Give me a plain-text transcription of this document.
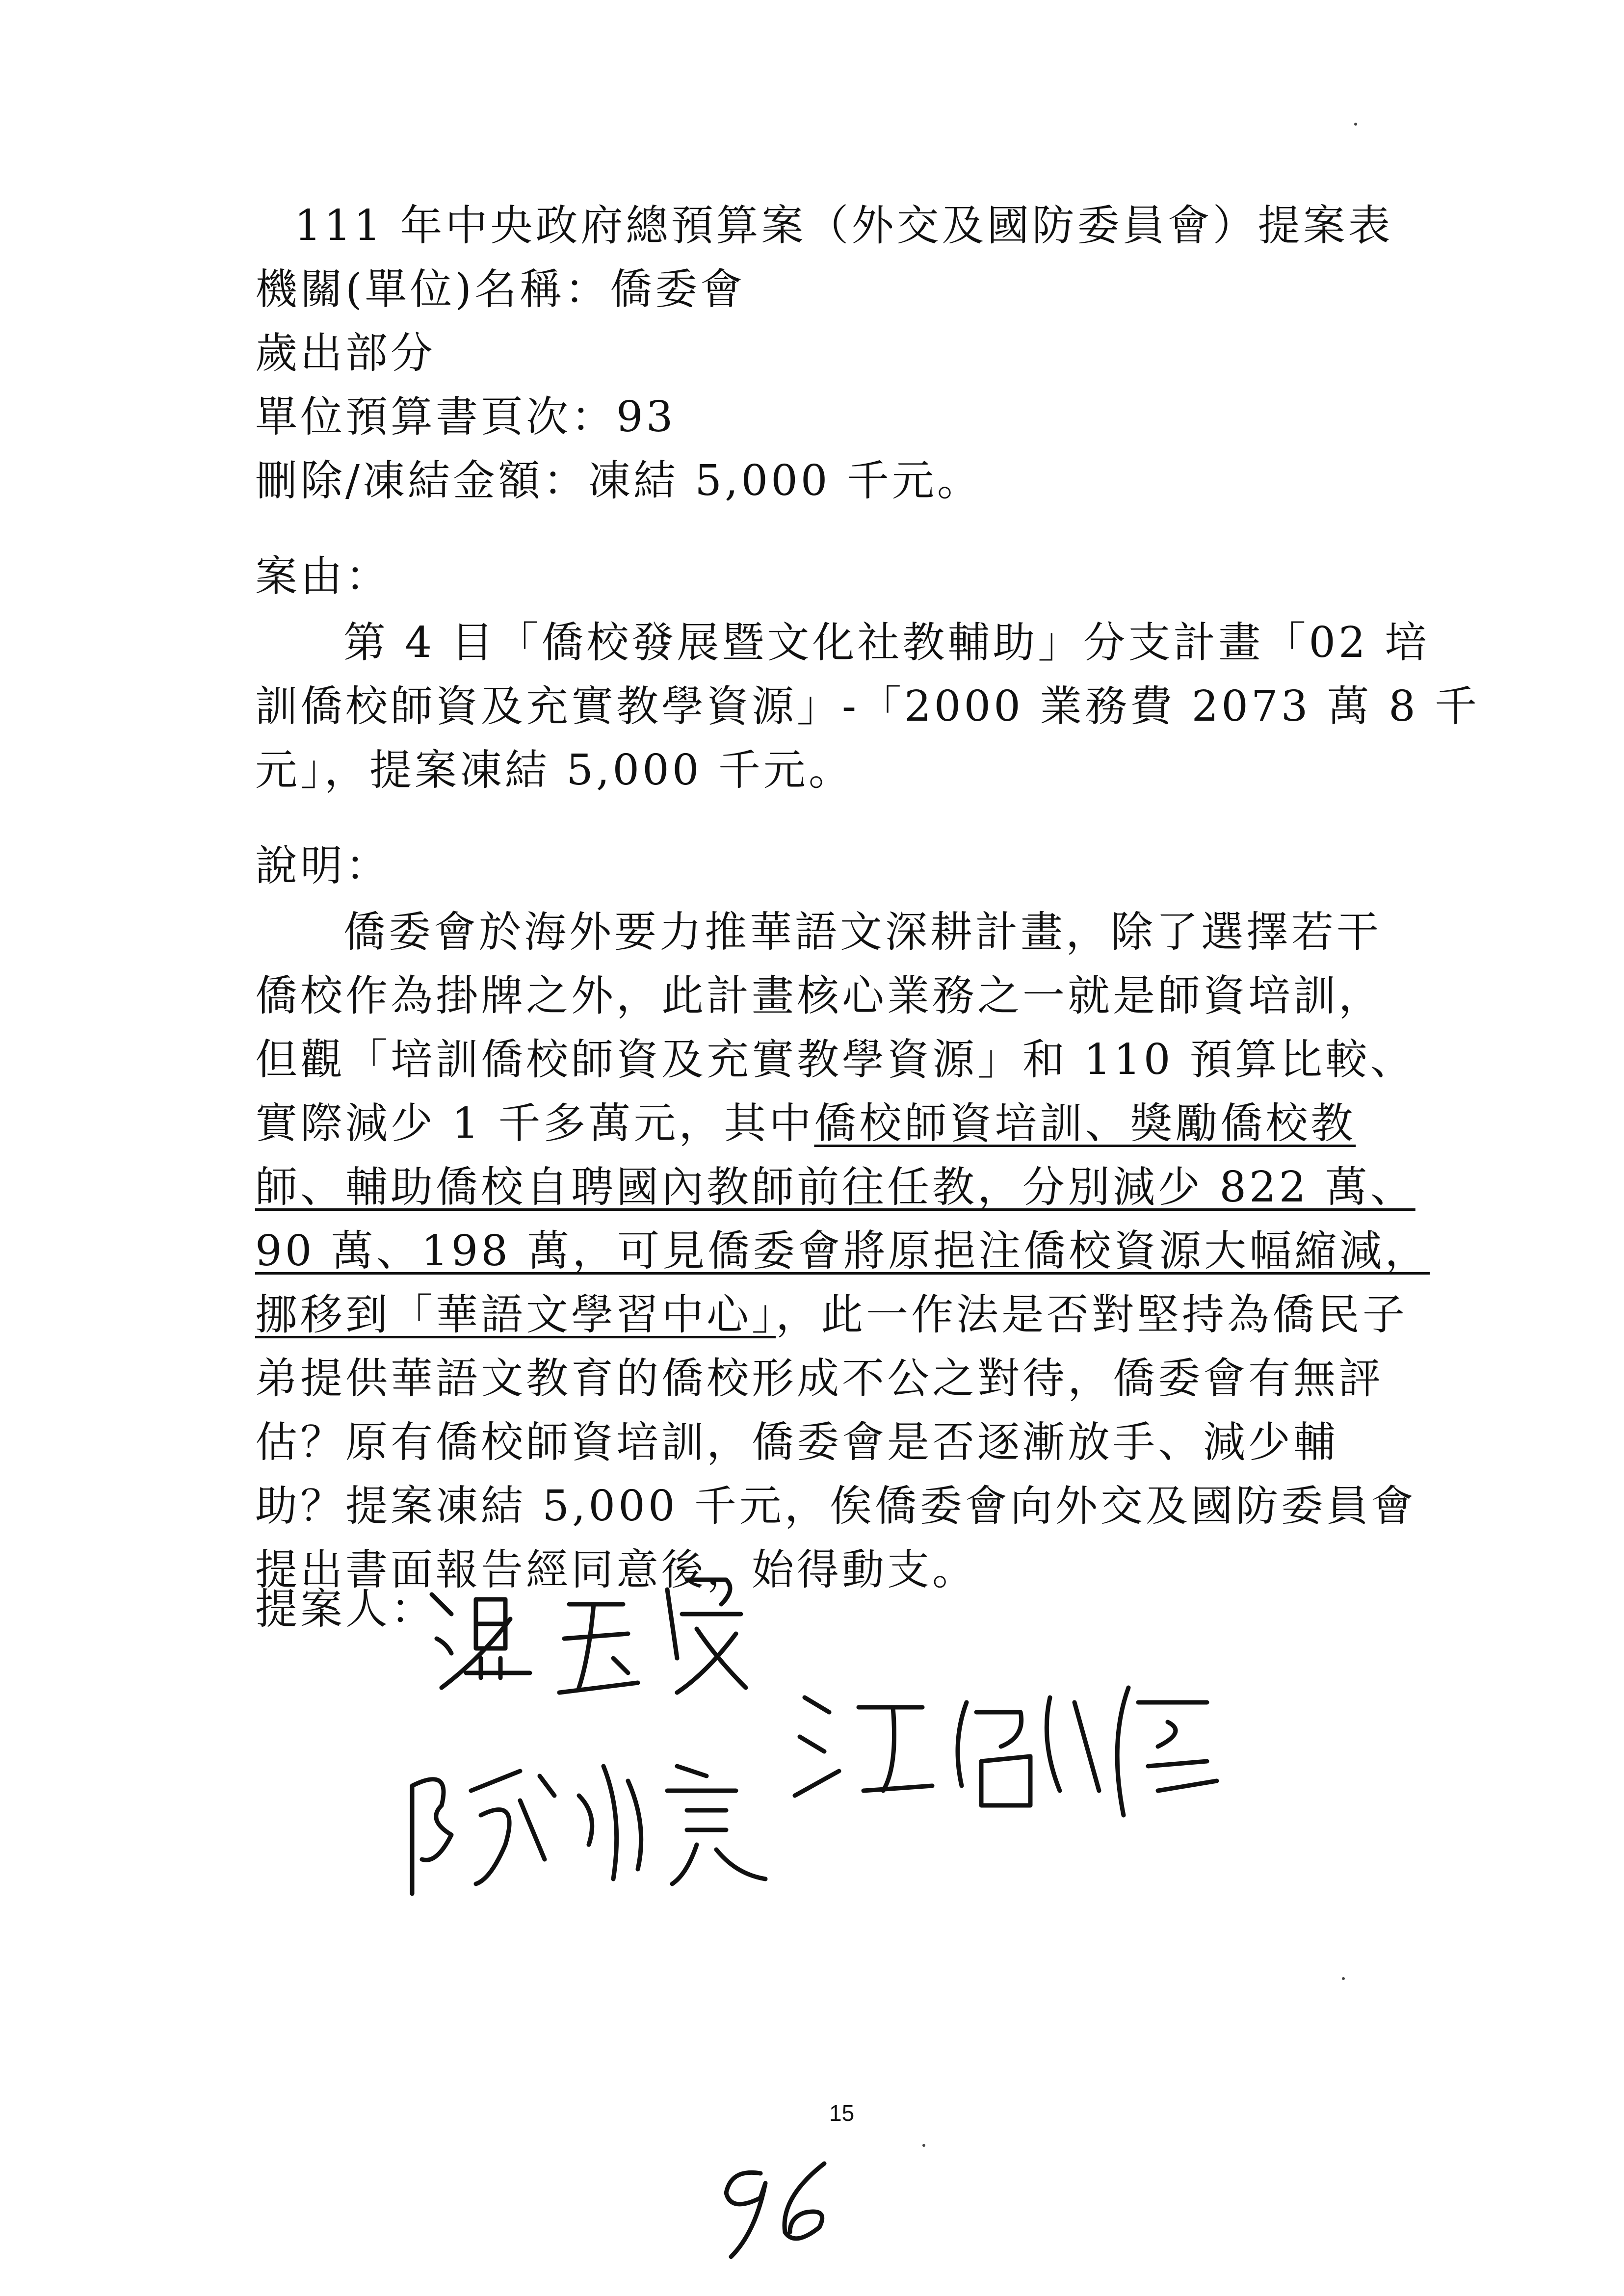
111 年中央政府總預算案（外交及國防委員會）提案表
機關(單位)名稱：僑委會
歲出部分
單位預算書頁次：93
刪除/凍結金額：凍結 5,000 千元。
案由：
第 4 目「僑校發展暨文化社教輔助」分支計畫「02 培
訓僑校師資及充實教學資源」-「2000 業務費 2073 萬 8 千
元」，提案凍結 5,000 千元。
說明：
僑委會於海外要力推華語文深耕計畫，除了選擇若干
僑校作為掛牌之外，此計畫核心業務之一就是師資培訓，
但觀「培訓僑校師資及充實教學資源」和 110 預算比較、
實際減少 1 千多萬元，其中僑校師資培訓、獎勵僑校教
師、輔助僑校自聘國內教師前往任教，分別減少 822 萬、
90 萬、198 萬，可見僑委會將原挹注僑校資源大幅縮減，
挪移到「華語文學習中心」，此一作法是否對堅持為僑民子
弟提供華語文教育的僑校形成不公之對待，僑委會有無評
估？原有僑校師資培訓，僑委會是否逐漸放手、減少輔
助？提案凍結 5,000 千元，俟僑委會向外交及國防委員會
提出書面報告經同意後，始得動支。
提案人：
15
